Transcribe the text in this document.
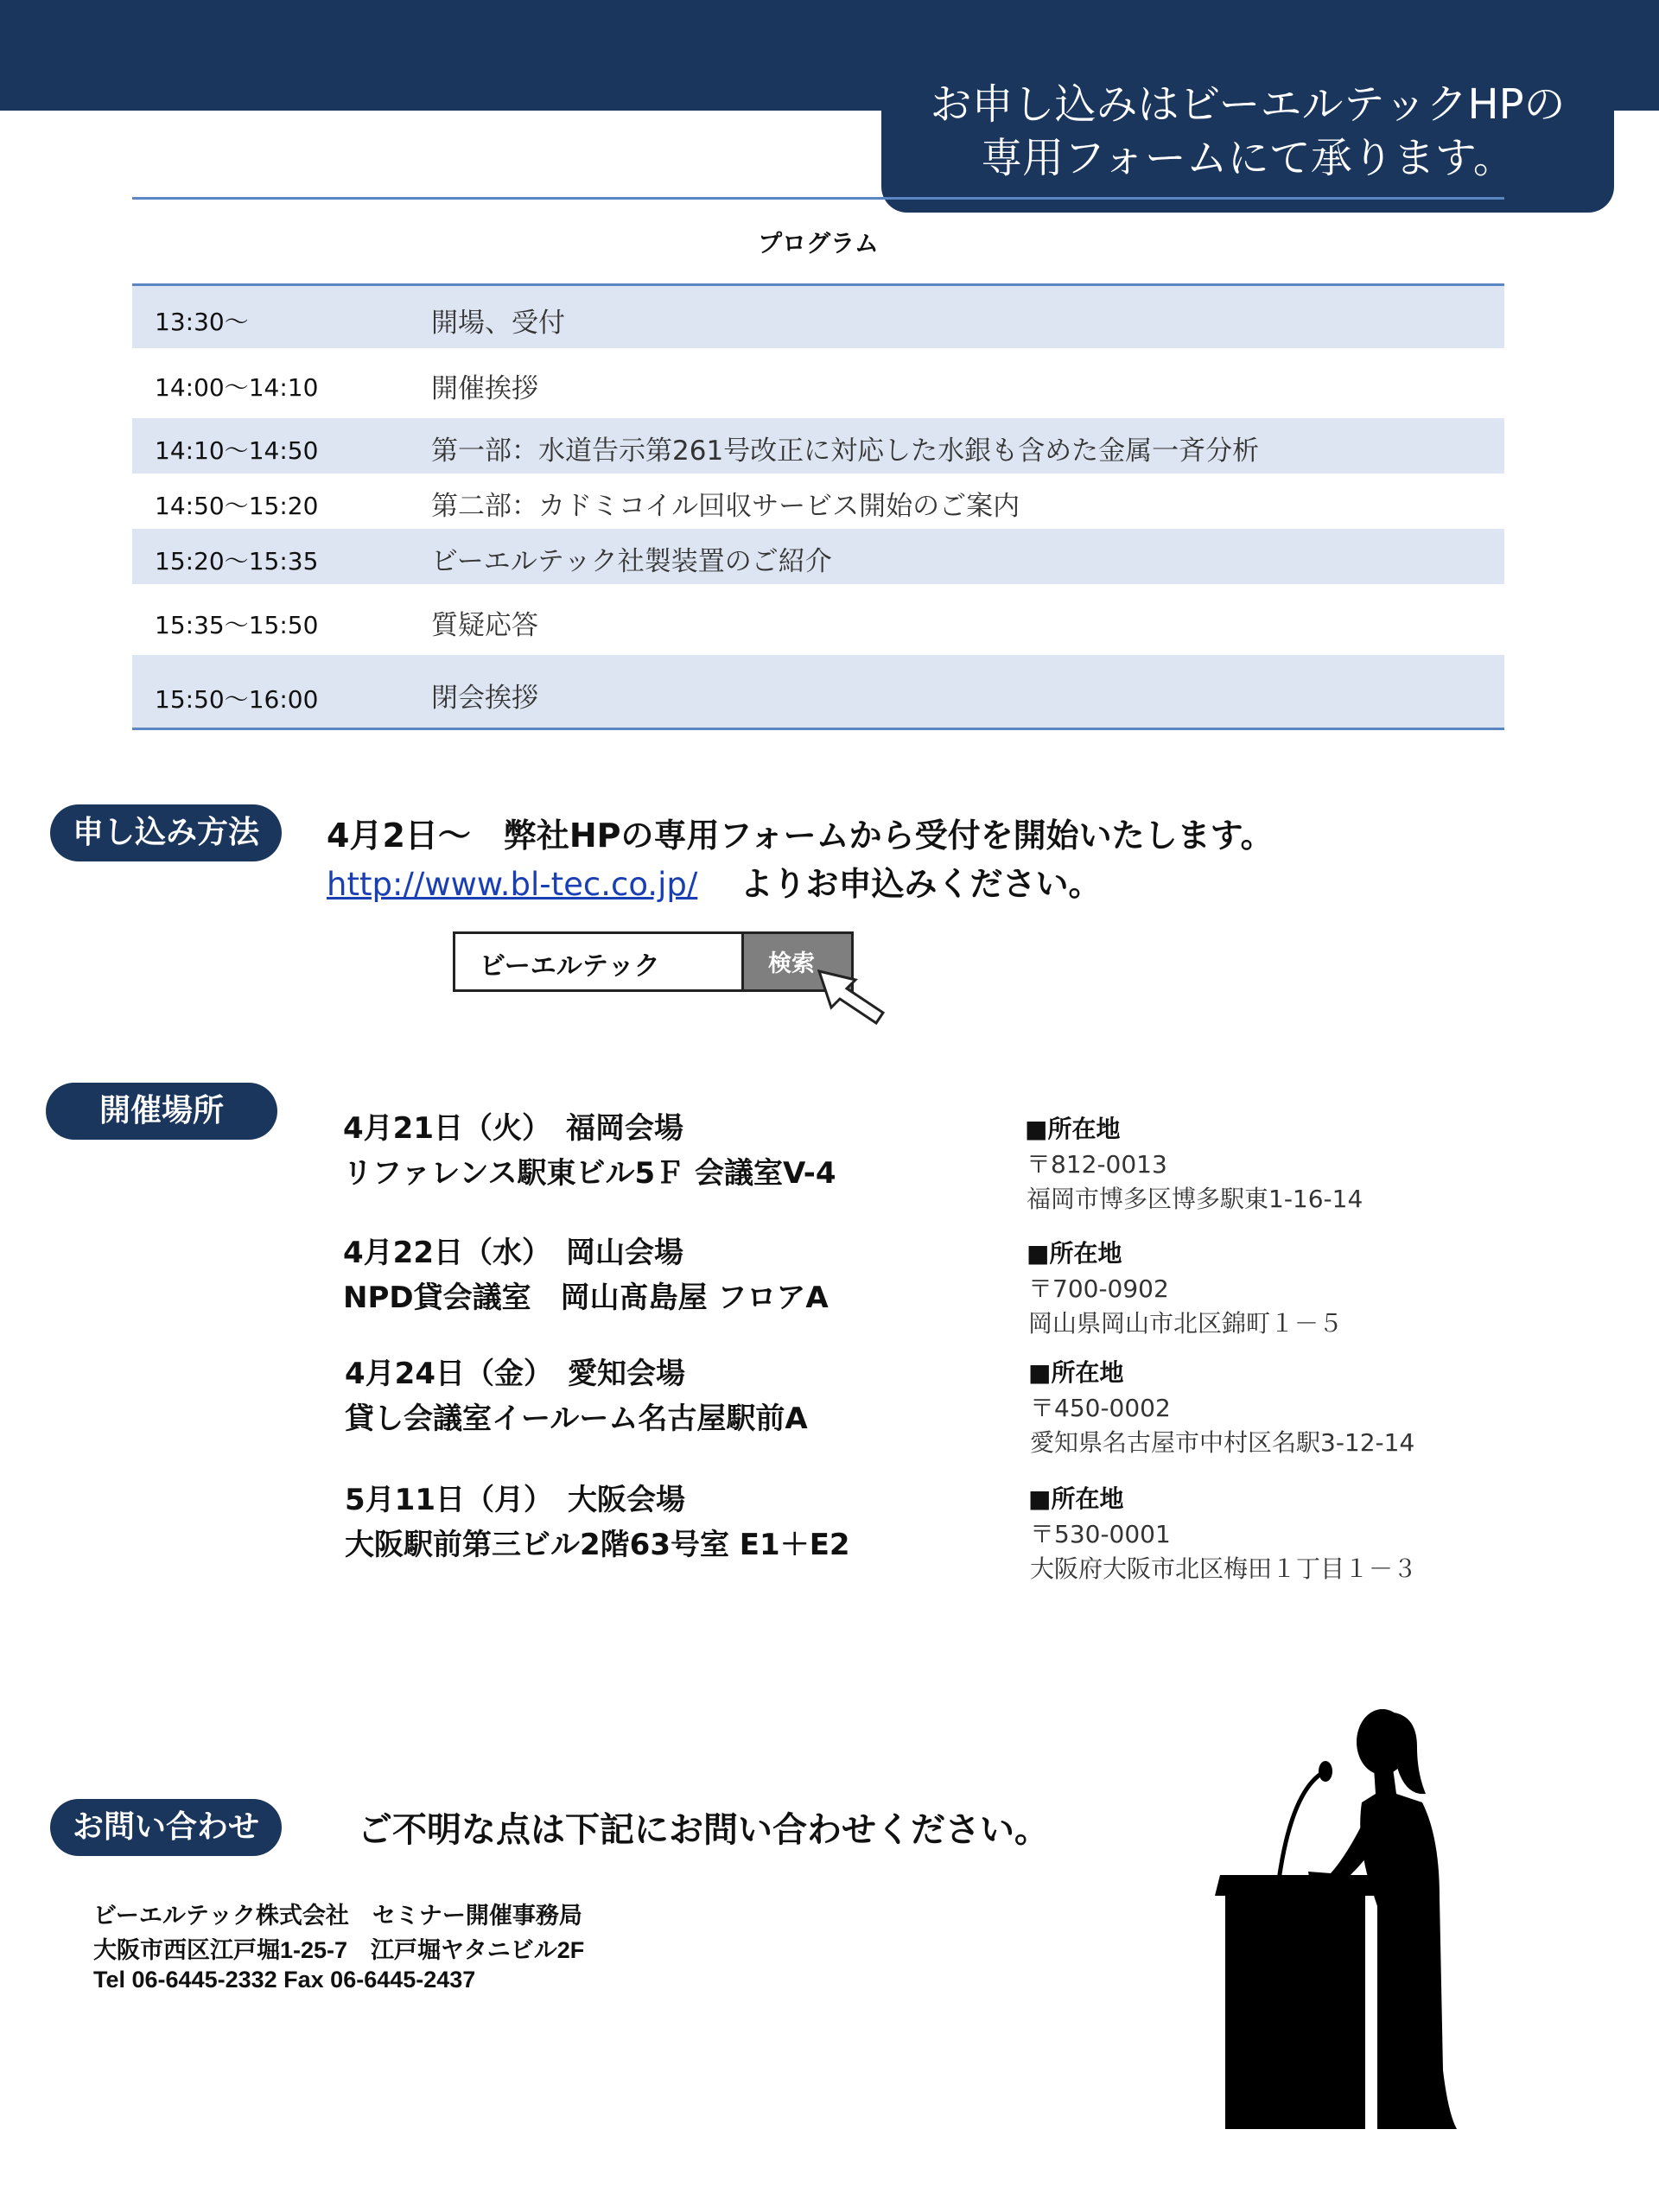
お申し込みはビーエルテックHPの
専用フォームにて承ります。
プログラム
13:30〜	開場、受付
14:00〜14:10	開催挨拶
14:10〜14:50	第一部：水道告示第261号改正に対応した水銀も含めた金属一斉分析
14:50〜15:20	第二部：カドミコイル回収サービス開始のご案内
15:20〜15:35	ビーエルテック社製装置のご紹介
15:35〜15:50	質疑応答
15:50〜16:00	閉会挨拶
申し込み方法	4月2日〜　弊社HPの専用フォームから受付を開始いたします。
http://www.bl-tec.co.jp/ よりお申込みください。
ビーエルテック	検索
開催場所	4月21日（火）　福岡会場
リファレンス駅東ビル5Ｆ 会議室V-4
■所在地
〒812-0013
福岡市博多区博多駅東1-16-14
4月22日（水）　岡山会場
NPD貸会議室　岡山髙島屋 フロアA
■所在地
〒700-0902
岡山県岡山市北区錦町１－５
4月24日（金）　愛知会場
貸し会議室イールーム名古屋駅前A
■所在地
〒450-0002
愛知県名古屋市中村区名駅3-12-14
5月11日（月）　大阪会場
大阪駅前第三ビル2階63号室 E1＋E2
■所在地
〒530-0001
大阪府大阪市北区梅田１丁目１－３
お問い合わせ	ご不明な点は下記にお問い合わせください。
ビーエルテック株式会社　セミナー開催事務局
大阪市西区江戸堀1-25-7　江戸堀ヤタニビル2F
Tel 06-6445-2332 Fax 06-6445-2437
